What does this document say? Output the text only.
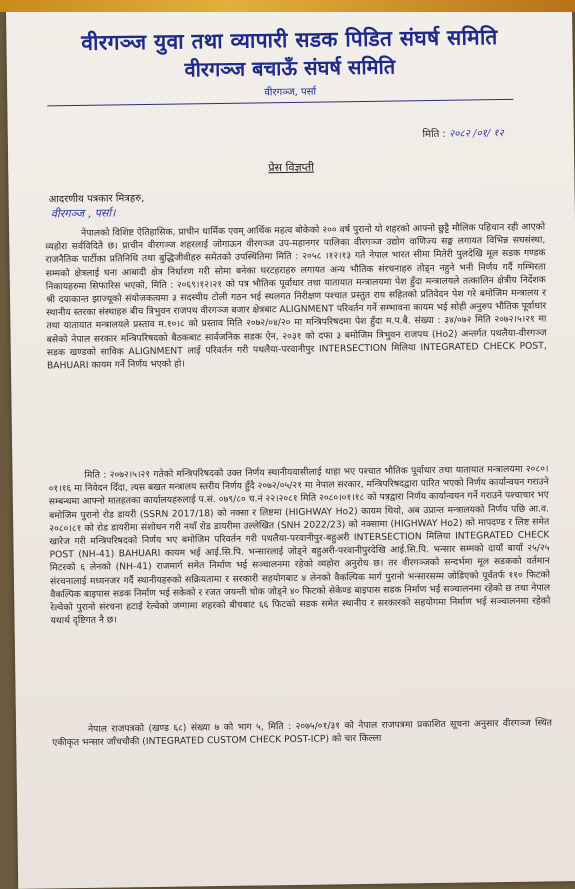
वीरगञ्ज युवा तथा व्यापारी सडक पिडित संघर्ष समिति
वीरगञ्ज बचाऊँ संघर्ष समिति
वीरगञ्ज, पर्सा
मिति : २०८२ /०१/ १२
प्रेस विज्ञप्ती
आदरणीय पत्रकार मित्रहरु,
वीरगञ्ज , पर्सा।
नेपालको विशिष्ट ऐतिहासिक, प्राचीन धार्मिक एवम् आर्थिक महत्व बोकेको २०० वर्ष पुरानो यो शहरको आफ्नो छुट्टै मौलिक पहिचान रही आएको व्यहोरा सर्वविदितै छ। प्राचीन वीरगञ्ज शहरलाई जोगाऊन वीरगञ्ज उप-महानगर पालिका वीरगञ्ज उद्योग वाणिज्य सङ्घ लगायत विभिन्न सघसंस्था, राजनैतिक पार्टीका प्रतिनिधि तथा बुद्धिजीवीहरु समेतको उपस्थितिमा मिति : २०५८ ।१२।१३ गते नेपाल भारत सीमा मितेरी पुलदेखि मूल सडक गण्डक सम्मको क्षेत्रलाई घना आबादी क्षेत्र निर्धारण गरी सोमा बनेका घरटहराहरु लगायत अन्य भौतिक संरचनाहरु तोड्न नहुने भनी निर्णय गर्दै गम्भिरता निकायहरुमा सिफारिस भएको, मिति : २०६९।१२।२१ को पत्र भौतिक पूर्वाधार तथा यातायात मन्त्रालयमा पेश हुँदा मन्त्रालयले तत्कालिन क्षेत्रीय निर्देशक श्री दयाकान्त झाज्यूको संयोजकत्वमा ३ सदस्यीय टोली गठन भई स्थलगत निरीक्षण पश्चात प्रस्तुत राय सहितको प्रतिवेदन पेश गरे बमोजिम मन्त्रालय र स्थानीय स्तरका संस्थाहरु बीच त्रिभुवन राजपथ वीरगञ्ज बजार क्षेत्रबाट ALIGNMENT परिवर्तन गर्ने सम्भावना कायम भई सोही अनुरुप भौतिक पूर्वाधार तथा यातायात मन्त्रालयले प्रस्ताव म.१०।८ को प्रस्ताव मिति २०७२/०४/२० मा मन्त्रिपरिषदमा पेश हुँदा म.प.बै. संख्या : ३४/०७२ मिति २०७२।५।२१ मा बसेको नेपाल सरकार मन्त्रिपरिषदको बैठकबाट सार्वजनिक सडक ऐन, २०३१ को दफा ३ बमोजिम त्रिभुवन राजपथ (Ho2) अन्तर्गत पथलैया-वीरगञ्ज सडक खण्डको साविक ALIGNMENT लाई परिवर्तन गरी पथलैया-परवानीपुर INTERSECTION मिलिया INTEGRATED CHECK POST, BAHUARI कायम गर्ने निर्णय भएको हो।
मिति : २०७२।५।२१ गतेको मन्त्रिपरिषदको उक्त निर्णय स्थानीयवासीलाई थाहा भए पश्चात भौतिक पूर्वाधार तथा यातायात मन्त्रालयमा २०८०।०१।१६ मा निवेदन दिँदा, त्यस बखत मन्त्रालय स्तरीय निर्णय हुँदै २०७२/०५/२१ मा नेपाल सरकार, मन्त्रिपरिषदद्वारा पारित भएको निर्णय कार्यान्वयन गराउने सम्बन्धमा आफ्नो मातहतका कार्यालयहरुलाई प.सं. ०७९/८० च.नं २२।२०८१ मिति २०८०।०१।१८ को पत्रद्वारा निर्णय कार्यान्वयन गर्ने गराउने पश्चाचार भए बमोजिम पुरानो रोड डायरी (SSRN 2017/18) को नक्सा र लिष्टमा (HIGHWAY Ho2) कायम थियो, अब उप्रान्त मन्त्रालयको निर्णय पछि आ.व. २०८०।८१ को रोड डायरीमा संशोधन गरी नयाँ रोड डायरीमा उल्लेखित (SNH 2022/23) को नक्सामा (HIGHWAY Ho2) को मापदण्ड र लिष्ट समेत खारेज गरी मन्त्रिपरिषदको निर्णय भए बमोजिम परिवर्तन गरी पथलैया-परवानीपुर-बहुअरी INTERSECTION मिलिया INTEGRATED CHECK POST (NH-41) BAHUARI कायम भई आई.सि.पि. भन्सारलाई जोड्ने बहुअरी-परवानीपुरदेखि आई.सि.पि. भन्सार सम्मको दायाँ बायाँ २५/२५ मिटरको ६ लेनको (NH-41) राजमार्ग समेत निर्माण भई सञ्चालनमा रहेको व्यहोरा अनुरोध छ। तर वीरगञ्जको सन्दर्भमा मूल सडकको वर्तमान संरचनालाई मध्यनजर गर्दै स्थानीयहरुको सक्रियतामा र सरकारी सहयोगबाट ४ लेनको वैकल्पिक मार्ग पुरानो भन्सारसम्म जोडिएको पूर्वतर्फ ११० फिटको वैकल्पिक बाइपास सडक निर्माण भई सकेको र रजत जयन्ती चोक जोड्ने ४० फिटको सेकेण्ड बाइपास सडक निर्माण भई सञ्चालनमा रहेको छ तथा नेपाल रेल्वेको पुरानो संरचना हटाई रेल्वेको जग्गामा शहरको बीचबाट ६६ फिटको सडक समेत स्थानीय र सरकारको सहयोगमा निर्माण भई सञ्चालनमा रहेको यथार्थ दृष्टिगत नै छ।
नेपाल राजपत्रको (खण्ड ६८) संख्या ७ को भाग ५, मिति : २०७५/०१/३१ को नेपाल राजपत्रमा प्रकाशित सूचना अनुसार वीरगञ्ज स्थित एकीकृत भन्सार जाँचचौकी (INTEGRATED CUSTOM CHECK POST-ICP) को चार किल्ला
